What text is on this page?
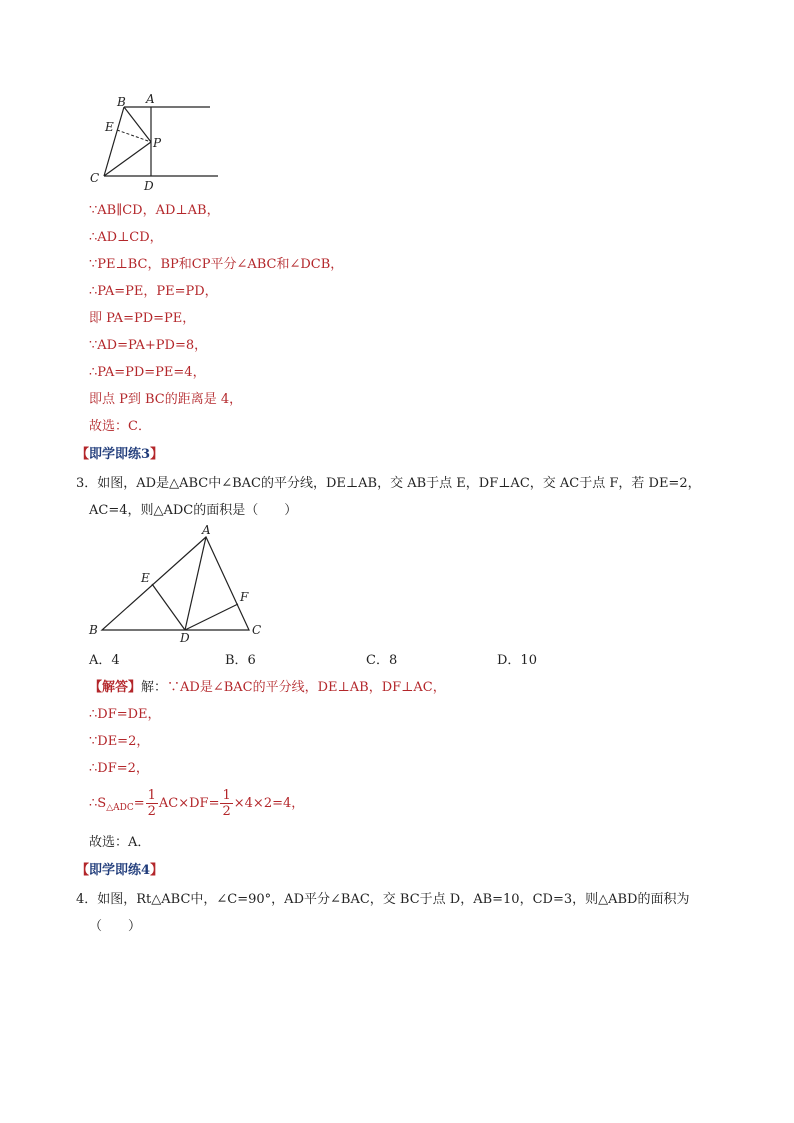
B A
E
P
C
D
∵AB∥CD，AD⊥AB，
∴AD⊥CD，
∵PE⊥BC，BP和CP平分∠ABC和∠DCB，
∴PA=PE，PE=PD，
即 PA=PD=PE，
∵AD=PA+PD=8，
∴PA=PD=PE=4，
即点 P到 BC的距离是 4，
故选：C．
【即学即练3】
3．如图，AD是△ABC中∠BAC的平分线，DE⊥AB，交 AB于点 E，DF⊥AC，交 AC于点 F，若 DE=2，
AC=4，则△ADC的面积是（　　）
A
E
F
B
D
C
A．4	B．6	C．8	D．10
【解答】解：∵AD是∠BAC的平分线，DE⊥AB，DF⊥AC，
∴DF=DE，
∵DE=2，
∴DF=2，
$\therefore S_{\triangle ADC}= \frac{1}{2} AC\times DF= \frac{1}{2} \times 4\times 2=4$，
故选：A．
【即学即练4】
4．如图，Rt△ABC中，∠C=90°，AD平分∠BAC，交 BC于点 D，AB=10，CD=3，则△ABD的面积为
（　　）
